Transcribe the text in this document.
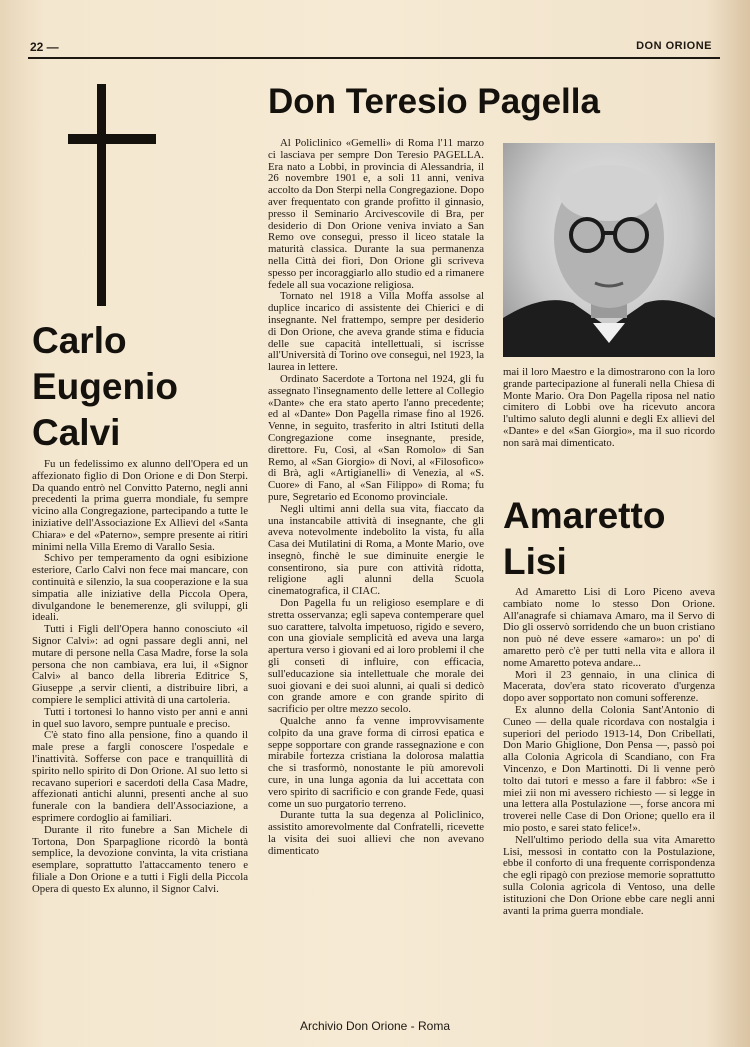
22 —	DON ORIONE
Carlo
Eugenio
Calvi

Fu un fedelissimo ex alunno dell'Opera ed un affezionato figlio di Don Orione e di Don Sterpi. Da quando entrò nel Convitto Paterno, negli anni precedenti la prima guerra mondiale, fu sempre vicino alla Congregazione, partecipando a tutte le iniziative dell'Associazione Ex Allievi del «Santa Chiara» e del «Paterno», sempre presente ai ritiri minimi nella Villa Eremo di Varallo Sesia.

Schivo per temperamento da ogni esibizione esteriore, Carlo Calvi non fece mai mancare, con continuità e silenzio, la sua cooperazione e la sua simpatia alle iniziative della Piccola Opera, divulgandone le benemerenze, gli sviluppi, gli ideali.

Tutti i Figli dell'Opera hanno conosciuto «il Signor Calvi»: ad ogni passare degli anni, nel mutare di persone nella Casa Madre, forse la sola persona che non cambiava, era lui, il «Signor Calvi» al banco della libreria Editrice S, Giuseppe ,a servir clienti, a distribuire libri, a compiere le semplici attività di una cartoleria.

Tutti i tortonesi lo hanno visto per anni e anni in quel suo lavoro, sempre puntuale e preciso.

C'è stato fino alla pensione, fino a quando il male prese a fargli conoscere l'ospedale e l'inattività. Sofferse con pace e tranquillità di spirito nello spirito di Don Orione. Al suo letto si recavano superiori e sacerdoti della Casa Madre, affezionati antichi alunni, presenti anche al suo funerale con la bandiera dell'Associazione, a esprimere cordoglio ai familiari.

Durante il rito funebre a San Michele di Tortona, Don Sparpaglione ricordò la bontà semplice, la devozione convinta, la vita cristiana esemplare, soprattutto l'attaccamento tenero e filiale a Don Orione e a tutti i Figli della Piccola Opera di questo Ex alunno, il Signor Calvi.

Don Teresio Pagella

Al Policlinico «Gemelli» di Roma l'11 marzo ci lasciava per sempre Don Teresio PAGELLA. Era nato a Lobbi, in provincia di Alessandria, il 26 novembre 1901 e, a soli 11 anni, veniva accolto da Don Sterpi nella Congregazione. Dopo aver frequentato con grande profitto il ginnasio, presso il Seminario Arcivescovile di Bra, per desiderio di Don Orione veniva inviato a San Remo ove conseguì, presso il liceo statale la maturità classica. Durante la sua permanenza nella Città dei fiori, Don Orione gli scriveva spesso per incoraggiarlo allo studio ed a rimanere fedele all sua vocazione religiosa.

Tornato nel 1918 a Villa Moffa assolse al duplice incarico di assistente dei Chierici e di insegnante. Nel frattempo, sempre per desiderio di Don Orione, che aveva grande stima e fiducia delle sue capacità intellettuali, si iscrisse all'Università di Torino ove conseguì, nel 1923, la laurea in lettere.

Ordinato Sacerdote a Tortona nel 1924, gli fu assegnato l'insegnamento delle lettere al Collegio «Dante» che era stato aperto l'anno precedente; ed al «Dante» Don Pagella rimase fino al 1926. Venne, in seguito, trasferito in altri Istituti della Congregazione come insegnante, preside, direttore. Fu, Così, al «San Romolo» di San Remo, al «San Giorgio» di Novi, al «Filosofico» di Brà, agli «Artigianelli» di Venezia, al «S. Cuore» di Fano, al «San Filippo» di Roma; fu pure, Segretario ed Economo provinciale.

Negli ultimi anni della sua vita, fiaccato da una instancabile attività di insegnante, che gli aveva notevolmente indebolito la vista, fu alla Casa dei Mutilatini di Roma, a Monte Mario, ove insegnò, finchè le sue diminuite energie le consentirono, sia pure con attività ridotta, religione agli alunni della Scuola cinematografica, il CIAC.

Don Pagella fu un religioso esemplare e di stretta osservanza; egli sapeva contemperare quel suo carattere, talvolta impetuoso, rigido e severo, con una gioviale semplicità ed aveva una larga apertura verso i giovani ed ai loro problemi il che gli consetì di influire, con efficacia, sull'educazione sia intellettuale che morale dei suoi giovani e dei suoi alunni, ai quali si dedicò con grande amore e con grande spirito di sacrificio per oltre mezzo secolo.

Qualche anno fa venne improvvisamente colpito da una grave forma di cirrosi epatica e seppe sopportare con grande rassegnazione e con mirabile fortezza cristiana la dolorosa malattia che si trasformò, nonostante le più amorevoli cure, in una lunga agonia da lui accettata con vero spirito di sacrificio e con grande Fede, quasi come un suo purgatorio terreno.

Durante tutta la sua degenza al Policlinico, assistito amorevolmente dal Confratelli, ricevette la visita dei suoi allievi che non avevano dimenticato

mai il loro Maestro e la dimostrarono con la loro grande partecipazione al funerali nella Chiesa di Monte Mario. Ora Don Pagella riposa nel natio cimitero di Lobbi ove ha ricevuto ancora l'ultimo saluto degli alunni e degli Ex allievi del «Dante» e del «San Giorgio», ma il suo ricordo non sarà mai dimenticato.

Amaretto
Lisi

Ad Amaretto Lisi di Loro Piceno aveva cambiato nome lo stesso Don Orione. All'anagrafe si chiamava Amaro, ma il Servo di Dio gli osservò sorridendo che un buon cristiano non può né deve essere «amaro»: un po' di amaretto però c'è per tutti nella vita e allora il nome Amaretto poteva andare...

Morì il 23 gennaio, in una clinica di Macerata, dov'era stato ricoverato d'urgenza dopo aver sopportato non comuni sofferenze.

Ex alunno della Colonia Sant'Antonio di Cuneo — della quale ricordava con nostalgia i superiori del periodo 1913-14, Don Cribellati, Don Mario Ghiglione, Don Pensa —, passò poi alla Colonia Agricola di Scandiano, con Fra Vincenzo, e Don Martinotti. Di lì venne però tolto dai tutori e messo a fare il fabbro: «Se i miei zii non mi avessero richiesto — si legge in una lettera alla Postulazione —, forse ancora mi troverei nelle Case di Don Orione; quello era il mio posto, e sarei stato felice!».

Nell'ultimo periodo della sua vita Amaretto Lisi, messosi in contatto con la Postulazione, ebbe il conforto di una frequente corrispondenza che egli ripagò con preziose memorie soprattutto sulla Colonia agricola di Ventoso, una delle istituzioni che Don Orione ebbe care negli anni avanti la prima guerra mondiale.

Archivio Don Orione - Roma
